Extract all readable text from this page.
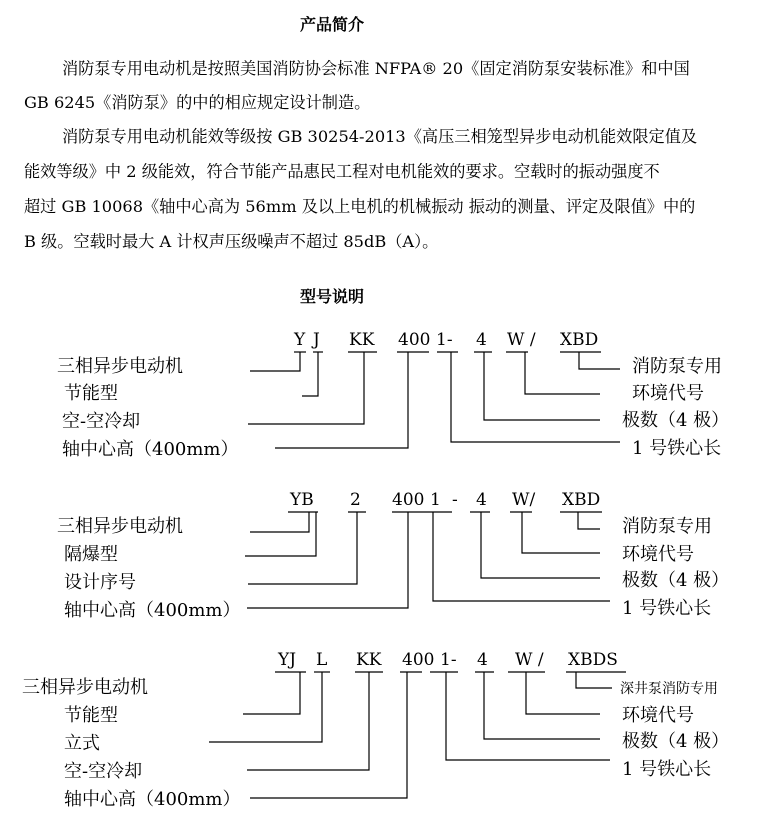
产品简介
消防泵专用电动机是按照美国消防协会标准 NFPA® 20《固定消防泵安装标准》和中国
GB 6245《消防泵》的中的相应规定设计制造。
消防泵专用电动机能效等级按 GB 30254-2013《高压三相笼型异步电动机能效限定值及
能效等级》中 2 级能效，符合节能产品惠民工程对电机能效的要求。空载时的振动强度不
超过 GB 10068《轴中心高为 56mm 及以上电机的机械振动 振动的测量、评定及限值》中的
B 级。空载时最大 A 计权声压级噪声不超过 85dB（A）。
型号说明
Y J KK 400 1- 4 W / XBD
三相异步电动机
节能型
空-空冷却
轴中心高（400mm）
消防泵专用
环境代号
极数（4 极）
1 号铁心长
YB 2 400 1 - 4 W/ XBD
三相异步电动机
隔爆型
设计序号
轴中心高（400mm）
消防泵专用
环境代号
极数（4 极）
1 号铁心长
YJ L KK 400 1- 4 W / XBDS
三相异步电动机
节能型
立式
空-空冷却
轴中心高（400mm）
深井泵消防专用
环境代号
极数（4 极）
1 号铁心长
